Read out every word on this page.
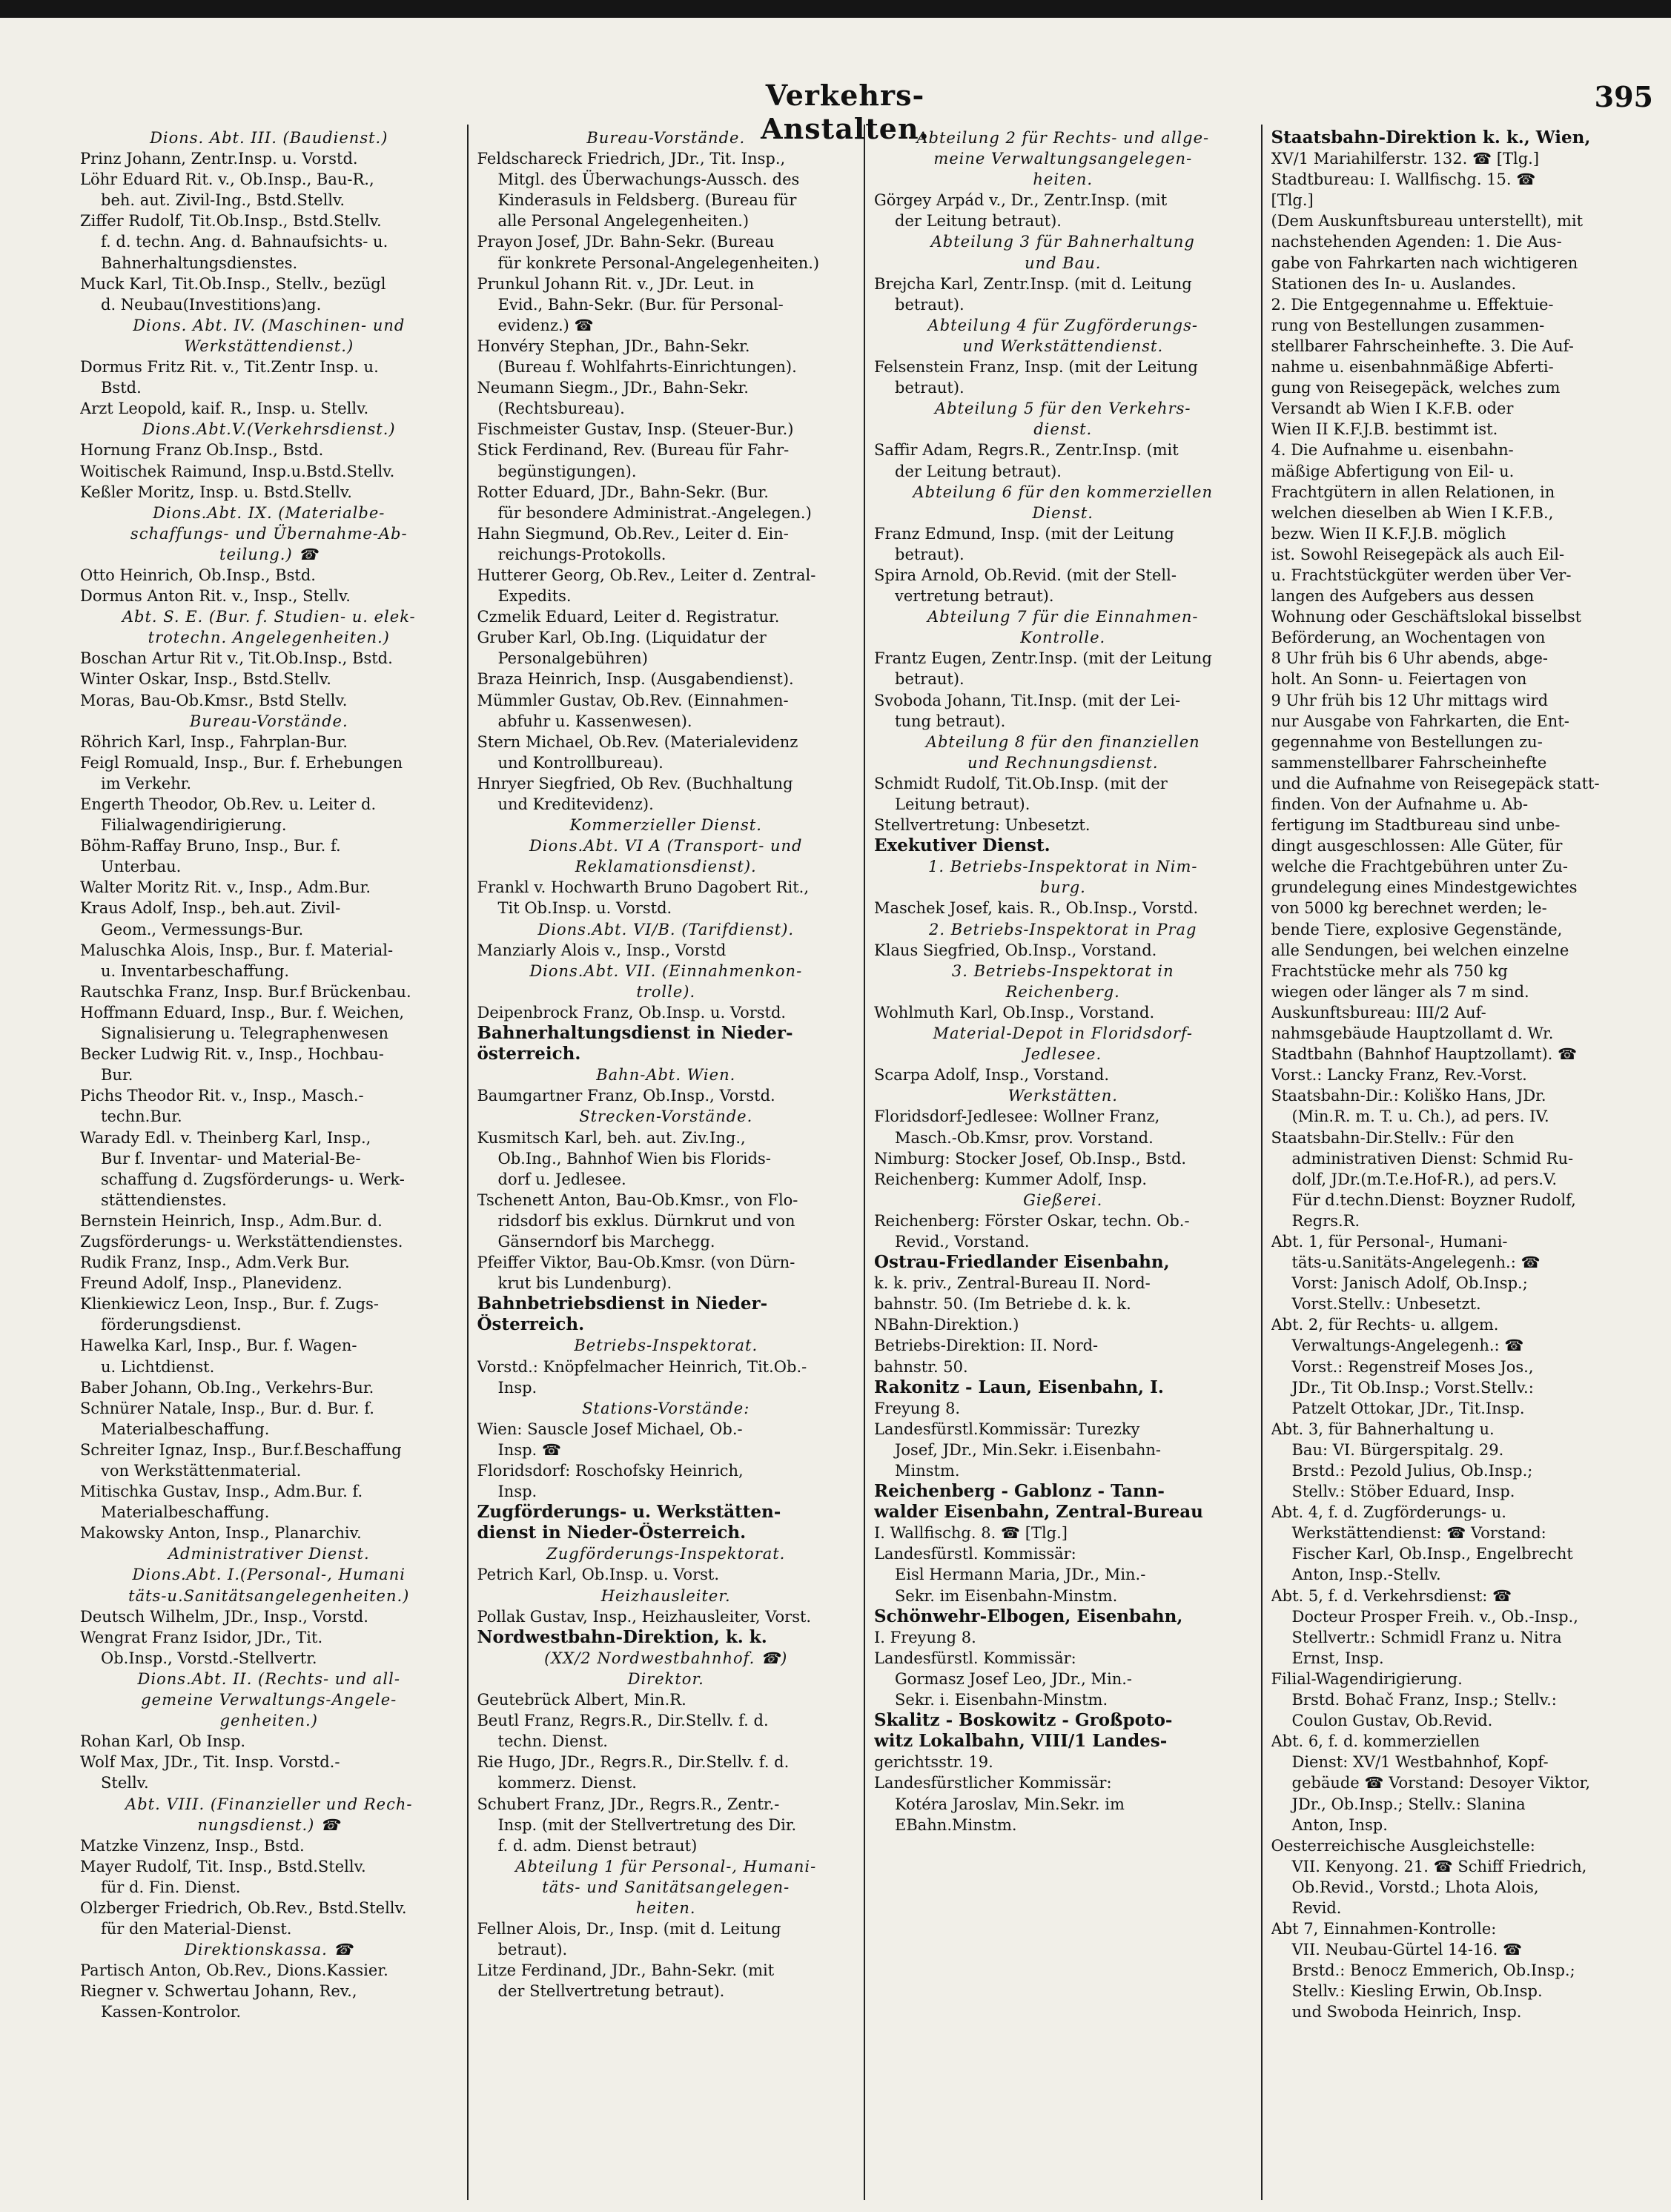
Verkehrs-Anstalten.
395
Dions. Abt. III. (Baudienst.)
Prinz Johann, Zentr.Insp. u. Vorstd.
Löhr Eduard Rit. v., Ob.Insp., Bau-R.,
beh. aut. Zivil-Ing., Bstd.Stellv.
Ziffer Rudolf, Tit.Ob.Insp., Bstd.Stellv.
f. d. techn. Ang. d. Bahnaufsichts- u.
Bahnerhaltungsdienstes.
Muck Karl, Tit.Ob.Insp., Stellv., bezügl
d. Neubau(Investitions)ang.
Dions. Abt. IV. (Maschinen- und
Werkstättendienst.)
Dormus Fritz Rit. v., Tit.Zentr Insp. u.
Bstd.
Arzt Leopold, kaif. R., Insp. u. Stellv.
Dions.Abt.V.(Verkehrsdienst.)
Hornung Franz Ob.Insp., Bstd.
Woitischek Raimund, Insp.u.Bstd.Stellv.
Keßler Moritz, Insp. u. Bstd.Stellv.
Dions.Abt. IX. (Materialbe-
schaffungs- und Übernahme-Ab-
teilung.) ☎
Otto Heinrich, Ob.Insp., Bstd.
Dormus Anton Rit. v., Insp., Stellv.
Abt. S. E. (Bur. f. Studien- u. elek-
trotechn. Angelegenheiten.)
Boschan Artur Rit v., Tit.Ob.Insp., Bstd.
Winter Oskar, Insp., Bstd.Stellv.
Moras, Bau-Ob.Kmsr., Bstd Stellv.
Bureau-Vorstände.
Röhrich Karl, Insp., Fahrplan-Bur.
Feigl Romuald, Insp., Bur. f. Erhebungen
im Verkehr.
Engerth Theodor, Ob.Rev. u. Leiter d.
Filialwagendirigierung.
Böhm-Raffay Bruno, Insp., Bur. f.
Unterbau.
Walter Moritz Rit. v., Insp., Adm.Bur.
Kraus Adolf, Insp., beh.aut. Zivil-
Geom., Vermessungs-Bur.
Maluschka Alois, Insp., Bur. f. Material-
u. Inventarbeschaffung.
Rautschka Franz, Insp. Bur.f Brückenbau.
Hoffmann Eduard, Insp., Bur. f. Weichen,
Signalisierung u. Telegraphenwesen
Becker Ludwig Rit. v., Insp., Hochbau-
Bur.
Pichs Theodor Rit. v., Insp., Masch.-
techn.Bur.
Warady Edl. v. Theinberg Karl, Insp.,
Bur f. Inventar- und Material-Be-
schaffung d. Zugsförderungs- u. Werk-
stättendienstes.
Bernstein Heinrich, Insp., Adm.Bur. d.
Zugsförderungs- u. Werkstättendienstes.
Rudik Franz, Insp., Adm.Verk Bur.
Freund Adolf, Insp., Planevidenz.
Klienkiewicz Leon, Insp., Bur. f. Zugs-
förderungsdienst.
Hawelka Karl, Insp., Bur. f. Wagen-
u. Lichtdienst.
Baber Johann, Ob.Ing., Verkehrs-Bur.
Schnürer Natale, Insp., Bur. d. Bur. f.
Materialbeschaffung.
Schreiter Ignaz, Insp., Bur.f.Beschaffung
von Werkstättenmaterial.
Mitischka Gustav, Insp., Adm.Bur. f.
Materialbeschaffung.
Makowsky Anton, Insp., Planarchiv.
Administrativer Dienst.
Dions.Abt. I.(Personal-, Humani
täts-u.Sanitätsangelegenheiten.)
Deutsch Wilhelm, JDr., Insp., Vorstd.
Wengrat Franz Isidor, JDr., Tit.
Ob.Insp., Vorstd.-Stellvertr.
Dions.Abt. II. (Rechts- und all-
gemeine Verwaltungs-Angele-
genheiten.)
Rohan Karl, Ob Insp.
Wolf Max, JDr., Tit. Insp. Vorstd.-
Stellv.
Abt. VIII. (Finanzieller und Rech-
nungsdienst.) ☎
Matzke Vinzenz, Insp., Bstd.
Mayer Rudolf, Tit. Insp., Bstd.Stellv.
für d. Fin. Dienst.
Olzberger Friedrich, Ob.Rev., Bstd.Stellv.
für den Material-Dienst.
Direktionskassa. ☎
Partisch Anton, Ob.Rev., Dions.Kassier.
Riegner v. Schwertau Johann, Rev.,
Kassen-Kontrolor.
Bureau-Vorstände.
Feldschareck Friedrich, JDr., Tit. Insp.,
Mitgl. des Überwachungs-Aussch. des
Kinderasuls in Feldsberg. (Bureau für
alle Personal Angelegenheiten.)
Prayon Josef, JDr. Bahn-Sekr. (Bureau
für konkrete Personal-Angelegenheiten.)
Prunkul Johann Rit. v., JDr. Leut. in
Evid., Bahn-Sekr. (Bur. für Personal-
evidenz.) ☎
Honvéry Stephan, JDr., Bahn-Sekr.
(Bureau f. Wohlfahrts-Einrichtungen).
Neumann Siegm., JDr., Bahn-Sekr.
(Rechtsbureau).
Fischmeister Gustav, Insp. (Steuer-Bur.)
Stick Ferdinand, Rev. (Bureau für Fahr-
begünstigungen).
Rotter Eduard, JDr., Bahn-Sekr. (Bur.
für besondere Administrat.-Angelegen.)
Hahn Siegmund, Ob.Rev., Leiter d. Ein-
reichungs-Protokolls.
Hutterer Georg, Ob.Rev., Leiter d. Zentral-
Expedits.
Czmelik Eduard, Leiter d. Registratur.
Gruber Karl, Ob.Ing. (Liquidatur der
Personalgebühren)
Braza Heinrich, Insp. (Ausgabendienst).
Mümmler Gustav, Ob.Rev. (Einnahmen-
abfuhr u. Kassenwesen).
Stern Michael, Ob.Rev. (Materialevidenz
und Kontrollbureau).
Hnryer Siegfried, Ob Rev. (Buchhaltung
und Kreditevidenz).
Kommerzieller Dienst.
Dions.Abt. VI A (Transport- und
Reklamationsdienst).
Frankl v. Hochwarth Bruno Dagobert Rit.,
Tit Ob.Insp. u. Vorstd.
Dions.Abt. VI/B. (Tarifdienst).
Manziarly Alois v., Insp., Vorstd
Dions.Abt. VII. (Einnahmenkon-
trolle).
Deipenbrock Franz, Ob.Insp. u. Vorstd.
Bahnerhaltungsdienst in Nieder-
österreich.
Bahn-Abt. Wien.
Baumgartner Franz, Ob.Insp., Vorstd.
Strecken-Vorstände.
Kusmitsch Karl, beh. aut. Ziv.Ing.,
Ob.Ing., Bahnhof Wien bis Florids-
dorf u. Jedlesee.
Tschenett Anton, Bau-Ob.Kmsr., von Flo-
ridsdorf bis exklus. Dürnkrut und von
Gänserndorf bis Marchegg.
Pfeiffer Viktor, Bau-Ob.Kmsr. (von Dürn-
krut bis Lundenburg).
Bahnbetriebsdienst in Nieder-
Österreich.
Betriebs-Inspektorat.
Vorstd.: Knöpfelmacher Heinrich, Tit.Ob.-
Insp.
Stations-Vorstände:
Wien: Sauscle Josef Michael, Ob.-
Insp. ☎
Floridsdorf: Roschofsky Heinrich,
Insp.
Zugförderungs- u. Werkstätten-
dienst in Nieder-Österreich.
Zugförderungs-Inspektorat.
Petrich Karl, Ob.Insp. u. Vorst.
Heizhausleiter.
Pollak Gustav, Insp., Heizhausleiter, Vorst.
Nordwestbahn-Direktion, k. k.
(XX/2 Nordwestbahnhof. ☎)
Direktor.
Geutebrück Albert, Min.R.
Beutl Franz, Regrs.R., Dir.Stellv. f. d.
techn. Dienst.
Rie Hugo, JDr., Regrs.R., Dir.Stellv. f. d.
kommerz. Dienst.
Schubert Franz, JDr., Regrs.R., Zentr.-
Insp. (mit der Stellvertretung des Dir.
f. d. adm. Dienst betraut)
Abteilung 1 für Personal-, Humani-
täts- und Sanitätsangelegen-
heiten.
Fellner Alois, Dr., Insp. (mit d. Leitung
betraut).
Litze Ferdinand, JDr., Bahn-Sekr. (mit
der Stellvertretung betraut).
Abteilung 2 für Rechts- und allge-
meine Verwaltungsangelegen-
heiten.
Görgey Arpád v., Dr., Zentr.Insp. (mit
der Leitung betraut).
Abteilung 3 für Bahnerhaltung
und Bau.
Brejcha Karl, Zentr.Insp. (mit d. Leitung
betraut).
Abteilung 4 für Zugförderungs-
und Werkstättendienst.
Felsenstein Franz, Insp. (mit der Leitung
betraut).
Abteilung 5 für den Verkehrs-
dienst.
Saffir Adam, Regrs.R., Zentr.Insp. (mit
der Leitung betraut).
Abteilung 6 für den kommerziellen
Dienst.
Franz Edmund, Insp. (mit der Leitung
betraut).
Spira Arnold, Ob.Revid. (mit der Stell-
vertretung betraut).
Abteilung 7 für die Einnahmen-
Kontrolle.
Frantz Eugen, Zentr.Insp. (mit der Leitung
betraut).
Svoboda Johann, Tit.Insp. (mit der Lei-
tung betraut).
Abteilung 8 für den finanziellen
und Rechnungsdienst.
Schmidt Rudolf, Tit.Ob.Insp. (mit der
Leitung betraut).
Stellvertretung: Unbesetzt.
Exekutiver Dienst.
1. Betriebs-Inspektorat in Nim-
burg.
Maschek Josef, kais. R., Ob.Insp., Vorstd.
2. Betriebs-Inspektorat in Prag
Klaus Siegfried, Ob.Insp., Vorstand.
3. Betriebs-Inspektorat in
Reichenberg.
Wohlmuth Karl, Ob.Insp., Vorstand.
Material-Depot in Floridsdorf-
Jedlesee.
Scarpa Adolf, Insp., Vorstand.
Werkstätten.
Floridsdorf-Jedlesee: Wollner Franz,
Masch.-Ob.Kmsr, prov. Vorstand.
Nimburg: Stocker Josef, Ob.Insp., Bstd.
Reichenberg: Kummer Adolf, Insp.
Gießerei.
Reichenberg: Förster Oskar, techn. Ob.-
Revid., Vorstand.
Ostrau-Friedlander Eisenbahn,
k. k. priv., Zentral-Bureau II. Nord-
bahnstr. 50. (Im Betriebe d. k. k.
NBahn-Direktion.)
Betriebs-Direktion: II. Nord-
bahnstr. 50.
Rakonitz - Laun, Eisenbahn, I.
Freyung 8.
Landesfürstl.Kommissär: Turezky
Josef, JDr., Min.Sekr. i.Eisenbahn-
Minstm.
Reichenberg - Gablonz - Tann-
walder Eisenbahn, Zentral-Bureau
I. Wallfischg. 8. ☎ [Tlg.]
Landesfürstl. Kommissär:
Eisl Hermann Maria, JDr., Min.-
Sekr. im Eisenbahn-Minstm.
Schönwehr-Elbogen, Eisenbahn,
I. Freyung 8.
Landesfürstl. Kommissär:
Gormasz Josef Leo, JDr., Min.-
Sekr. i. Eisenbahn-Minstm.
Skalitz - Boskowitz - Großpoto-
witz Lokalbahn, VIII/1 Landes-
gerichtsstr. 19.
Landesfürstlicher Kommissär:
Kotéra Jaroslav, Min.Sekr. im
EBahn.Minstm.
Staatsbahn-Direktion k. k., Wien,
XV/1 Mariahilferstr. 132. ☎ [Tlg.]
Stadtbureau: I. Wallfischg. 15. ☎
[Tlg.]
(Dem Auskunftsbureau unterstellt), mit
nachstehenden Agenden: 1. Die Aus-
gabe von Fahrkarten nach wichtigeren
Stationen des In- u. Auslandes.
2. Die Entgegennahme u. Effektuie-
rung von Bestellungen zusammen-
stellbarer Fahrscheinhefte. 3. Die Auf-
nahme u. eisenbahnmäßige Abferti-
gung von Reisegepäck, welches zum
Versandt ab Wien I K.F.B. oder
Wien II K.F.J.B. bestimmt ist.
4. Die Aufnahme u. eisenbahn-
mäßige Abfertigung von Eil- u.
Frachtgütern in allen Relationen, in
welchen dieselben ab Wien I K.F.B.,
bezw. Wien II K.F.J.B. möglich
ist. Sowohl Reisegepäck als auch Eil-
u. Frachtstückgüter werden über Ver-
langen des Aufgebers aus dessen
Wohnung oder Geschäftslokal bisselbst
Beförderung, an Wochentagen von
8 Uhr früh bis 6 Uhr abends, abge-
holt. An Sonn- u. Feiertagen von
9 Uhr früh bis 12 Uhr mittags wird
nur Ausgabe von Fahrkarten, die Ent-
gegennahme von Bestellungen zu-
sammenstellbarer Fahrscheinhefte
und die Aufnahme von Reisegepäck statt-
finden. Von der Aufnahme u. Ab-
fertigung im Stadtbureau sind unbe-
dingt ausgeschlossen: Alle Güter, für
welche die Frachtgebühren unter Zu-
grundelegung eines Mindestgewichtes
von 5000 kg berechnet werden; le-
bende Tiere, explosive Gegenstände,
alle Sendungen, bei welchen einzelne
Frachtstücke mehr als 750 kg
wiegen oder länger als 7 m sind.
Auskunftsbureau: III/2 Auf-
nahmsgebäude Hauptzollamt d. Wr.
Stadtbahn (Bahnhof Hauptzollamt). ☎
Vorst.: Lancky Franz, Rev.-Vorst.
Staatsbahn-Dir.: Koliško Hans, JDr.
(Min.R. m. T. u. Ch.), ad pers. IV.
Staatsbahn-Dir.Stellv.: Für den
administrativen Dienst: Schmid Ru-
dolf, JDr.(m.T.e.Hof-R.), ad pers.V.
Für d.techn.Dienst: Boyzner Rudolf,
Regrs.R.
Abt. 1, für Personal-, Humani-
täts-u.Sanitäts-Angelegenh.: ☎
Vorst: Janisch Adolf, Ob.Insp.;
Vorst.Stellv.: Unbesetzt.
Abt. 2, für Rechts- u. allgem.
Verwaltungs-Angelegenh.: ☎
Vorst.: Regenstreif Moses Jos.,
JDr., Tit Ob.Insp.; Vorst.Stellv.:
Patzelt Ottokar, JDr., Tit.Insp.
Abt. 3, für Bahnerhaltung u.
Bau: VI. Bürgerspitalg. 29.
Brstd.: Pezold Julius, Ob.Insp.;
Stellv.: Stöber Eduard, Insp.
Abt. 4, f. d. Zugförderungs- u.
Werkstättendienst: ☎ Vorstand:
Fischer Karl, Ob.Insp., Engelbrecht
Anton, Insp.-Stellv.
Abt. 5, f. d. Verkehrsdienst: ☎
Docteur Prosper Freih. v., Ob.-Insp.,
Stellvertr.: Schmidl Franz u. Nitra
Ernst, Insp.
Filial-Wagendirigierung.
Brstd. Bohač Franz, Insp.; Stellv.:
Coulon Gustav, Ob.Revid.
Abt. 6, f. d. kommerziellen
Dienst: XV/1 Westbahnhof, Kopf-
gebäude ☎ Vorstand: Desoyer Viktor,
JDr., Ob.Insp.; Stellv.: Slanina
Anton, Insp.
Oesterreichische Ausgleichstelle:
VII. Kenyong. 21. ☎ Schiff Friedrich,
Ob.Revid., Vorstd.; Lhota Alois,
Revid.
Abt 7, Einnahmen-Kontrolle:
VII. Neubau-Gürtel 14-16. ☎
Brstd.: Benocz Emmerich, Ob.Insp.;
Stellv.: Kiesling Erwin, Ob.Insp.
und Swoboda Heinrich, Insp.
